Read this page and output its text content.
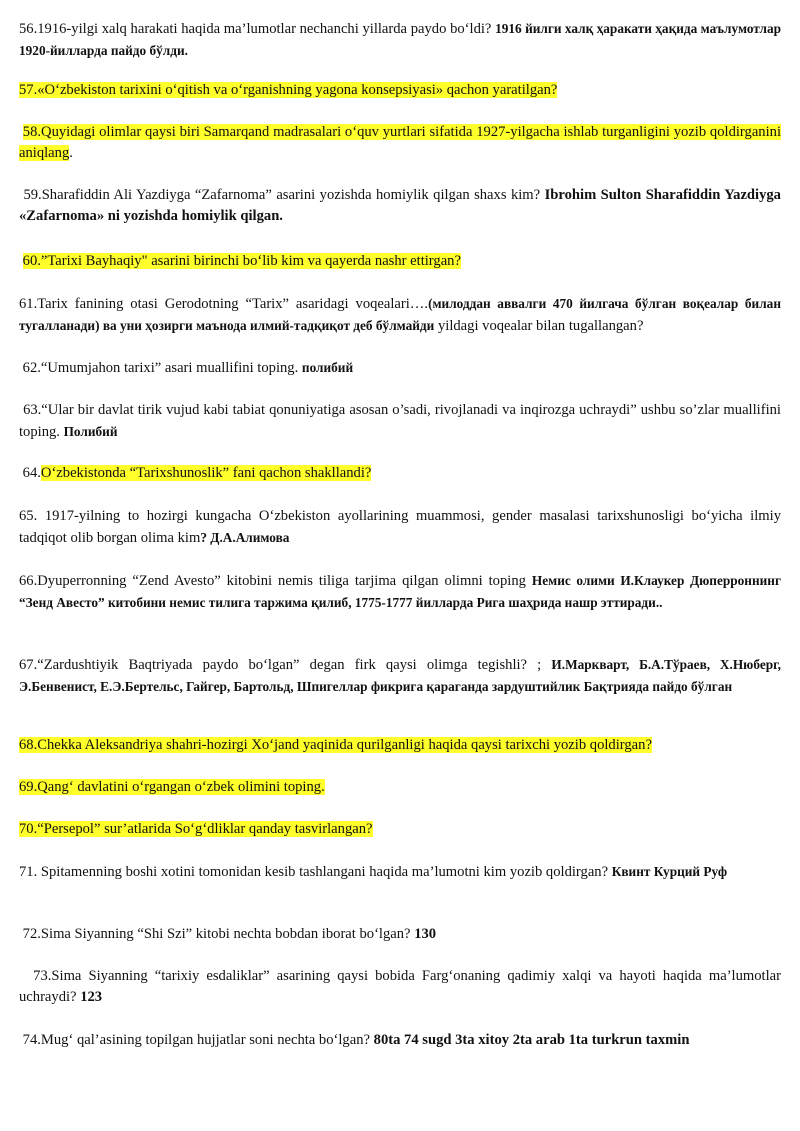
56.1916-yilgi xalq harakati haqida ma’lumotlar nechanchi yillarda paydo bo‘ldi? 1916 йилги халқ ҳаракати ҳақида маълумотлар 1920-йилларда пайдо бўлди.

57.«O‘zbekiston tarixini o‘qitish va o‘rganishning yagona konsepsiyasi» qachon yaratilgan?

58.Quyidagi olimlar qaysi biri Samarqand madrasalari o‘quv yurtlari sifatida 1927-yilgacha ishlab turganligini yozib qoldirganini aniqlang.

59.Sharafiddin Ali Yazdiyga “Zafarnoma” asarini yozishda homiylik qilgan shaxs kim? Ibrohim Sulton Sharafiddin Yazdiyga «Zafarnoma» ni yozishda homiylik qilgan.

60.”Tarixi Bayhaqiy" asarini birinchi bo‘lib kim va qayerda nashr ettirgan?

61.Tarix fanining otasi Gerodotning “Tarix” asaridagi voqealari….(милоддан аввалги 470 йилгача бўлган воқеалар билан тугалланади) ва уни ҳозирги маънода илмий-тадқиқот деб бўлмайди yildagi voqealar bilan tugallangan?

62.“Umumjahon tarixi” asari muallifini toping. полибий

63.“Ular bir davlat tirik vujud kabi tabiat qonuniyatiga asosan o’sadi, rivojlanadi va inqirozga uchraydi” ushbu so’zlar muallifini toping. Полибий

64.O‘zbekistonda “Tarixshunoslik” fani qachon shakllandi?

65. 1917-yilning to hozirgi kungacha O‘zbekiston ayollarining muammosi, gender masalasi tarixshunosligi bo‘yicha ilmiy tadqiqot olib borgan olima kim? Д.А.Алимова

66.Dyuperronning “Zend Avesto” kitobini nemis tiliga tarjima qilgan olimni toping Немис олими И.Клаукер Дюперроннинг “Зенд Авесто” китобини немис тилига таржима қилиб, 1775-1777 йилларда Рига шаҳрида нашр эттиради..

67.“Zardushtiyik Baqtriyada paydo bo‘lgan” degan firk qaysi olimga tegishli? ; И.Маркварт, Б.А.Тўраев, Х.Нюберг, Э.Бенвенист, Е.Э.Бертельс, Гайгер, Бартольд, Шпигеллар фикрига қараганда зардуштийлик Бақтрияда пайдо бўлган

68.Chekka Aleksandriya shahri-hozirgi Xo‘jand yaqinida qurilganligi haqida qaysi tarixchi yozib qoldirgan?

69.Qang‘ davlatini o‘rgangan o‘zbek olimini toping.

70.“Persepol” sur’atlarida So‘g‘dliklar qanday tasvirlangan?

71. Spitamenning boshi xotini tomonidan kesib tashlangani haqida ma’lumotni kim yozib qoldirgan? Квинт Курций Руф

72.Sima Siyanning “Shi Szi” kitobi nechta bobdan iborat bo‘lgan? 130

73.Sima Siyanning “tarixiy esdaliklar” asarining qaysi bobida Farg‘onaning qadimiy xalqi va hayoti haqida ma’lumotlar uchraydi? 123

74.Mug‘ qal’asining topilgan hujjatlar soni nechta bo‘lgan? 80ta 74 sugd 3ta xitoy 2ta arab 1ta turkrun taxmin
